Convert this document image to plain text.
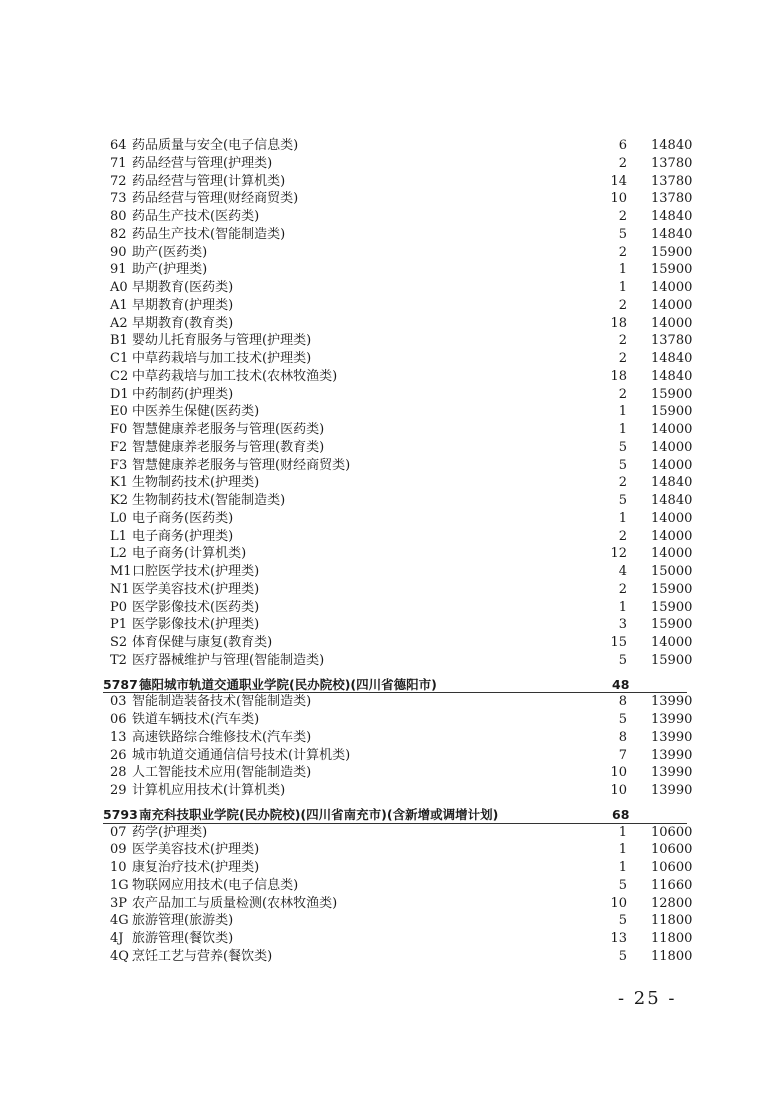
64 药品质量与安全(电子信息类)	6 14840
71 药品经营与管理(护理类)	2 13780
72 药品经营与管理(计算机类)	14 13780
73 药品经营与管理(财经商贸类)	10 13780
80 药品生产技术(医药类)	2 14840
82 药品生产技术(智能制造类)	5 14840
90 助产(医药类)	2 15900
91 助产(护理类)	1 15900
A0 早期教育(医药类)	1 14000
A1 早期教育(护理类)	2 14000
A2 早期教育(教育类)	18 14000
B1 婴幼儿托育服务与管理(护理类)	2 13780
C1 中草药栽培与加工技术(护理类)	2 14840
C2 中草药栽培与加工技术(农林牧渔类)	18 14840
D1 中药制药(护理类)	2 15900
E0 中医养生保健(医药类)	1 15900
F0 智慧健康养老服务与管理(医药类)	1 14000
F2 智慧健康养老服务与管理(教育类)	5 14000
F3 智慧健康养老服务与管理(财经商贸类)	5 14000
K1 生物制药技术(护理类)	2 14840
K2 生物制药技术(智能制造类)	5 14840
L0 电子商务(医药类)	1 14000
L1 电子商务(护理类)	2 14000
L2 电子商务(计算机类)	12 14000
M1 口腔医学技术(护理类)	4 15000
N1 医学美容技术(护理类)	2 15900
P0 医学影像技术(医药类)	1 15900
P1 医学影像技术(护理类)	3 15900
S2 体育保健与康复(教育类)	15 14000
T2 医疗器械维护与管理(智能制造类)	5 15900
5787 德阳城市轨道交通职业学院(民办院校)(四川省德阳市)	48
03 智能制造装备技术(智能制造类)	8 13990
06 铁道车辆技术(汽车类)	5 13990
13 高速铁路综合维修技术(汽车类)	8 13990
26 城市轨道交通通信信号技术(计算机类)	7 13990
28 人工智能技术应用(智能制造类)	10 13990
29 计算机应用技术(计算机类)	10 13990
5793 南充科技职业学院(民办院校)(四川省南充市)(含新增或调增计划)	68
07 药学(护理类)	1 10600
09 医学美容技术(护理类)	1 10600
10 康复治疗技术(护理类)	1 10600
1G 物联网应用技术(电子信息类)	5 11660
3P 农产品加工与质量检测(农林牧渔类)	10 12800
4G 旅游管理(旅游类)	5 11800
4J 旅游管理(餐饮类)	13 11800
4Q 烹饪工艺与营养(餐饮类)	5 11800
- 25 -
